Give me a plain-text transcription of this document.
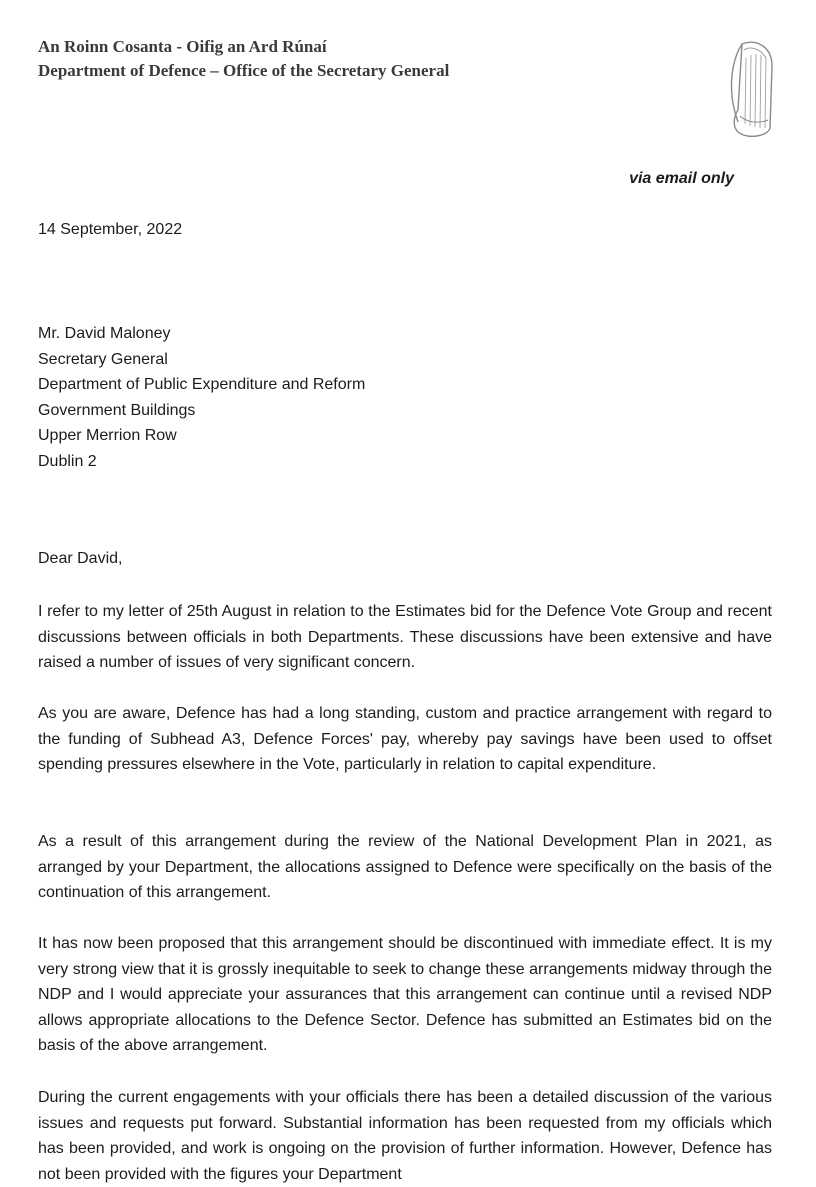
An Roinn Cosanta - Oifig an Ard Rúnaí
Department of Defence – Office of the Secretary General
via email only
14 September, 2022
Mr. David Maloney
Secretary General
Department of Public Expenditure and Reform
Government Buildings
Upper Merrion Row
Dublin 2
Dear David,
I refer to my letter of 25th August in relation to the Estimates bid for the Defence Vote Group and recent discussions between officials in both Departments. These discussions have been extensive and have raised a number of issues of very significant concern.
As you are aware, Defence has had a long standing, custom and practice arrangement with regard to the funding of Subhead A3, Defence Forces' pay, whereby pay savings have been used to offset spending pressures elsewhere in the Vote, particularly in relation to capital expenditure.
As a result of this arrangement during the review of the National Development Plan in 2021, as arranged by your Department, the allocations assigned to Defence were specifically on the basis of the continuation of this arrangement.
It has now been proposed that this arrangement should be discontinued with immediate effect. It is my very strong view that it is grossly inequitable to seek to change these arrangements midway through the NDP and I would appreciate your assurances that this arrangement can continue until a revised NDP allows appropriate allocations to the Defence Sector. Defence has submitted an Estimates bid on the basis of the above arrangement.
During the current engagements with your officials there has been a detailed discussion of the various issues and requests put forward. Substantial information has been requested from my officials which has been provided, and work is ongoing on the provision of further information. However, Defence has not been provided with the figures your Department
